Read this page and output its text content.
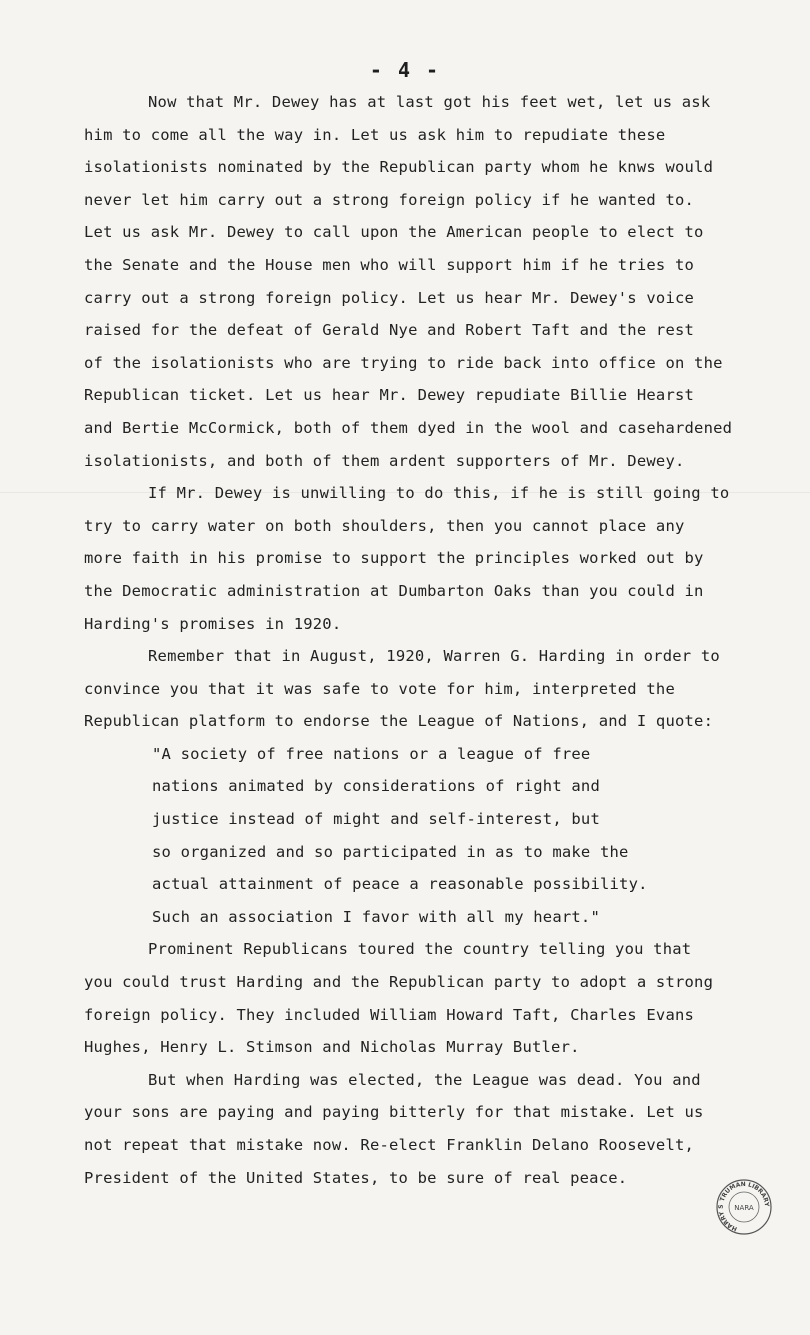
- 4 -

Now that Mr. Dewey has at last got his feet wet, let us ask
him to come all the way in. Let us ask him to repudiate these
isolationists nominated by the Republican party whom he knws would
never let him carry out a strong foreign policy if he wanted to.
Let us ask Mr. Dewey to call upon the American people to elect to
the Senate and the House men who will support him if he tries to
carry out a strong foreign policy. Let us hear Mr. Dewey's voice
raised for the defeat of Gerald Nye and Robert Taft and the rest
of the isolationists who are trying to ride back into office on the
Republican ticket. Let us hear Mr. Dewey repudiate Billie Hearst
and Bertie McCormick, both of them dyed in the wool and casehardened
isolationists, and both of them ardent supporters of Mr. Dewey.

If Mr. Dewey is unwilling to do this, if he is still going to
try to carry water on both shoulders, then you cannot place any
more faith in his promise to support the principles worked out by
the Democratic administration at Dumbarton Oaks than you could in
Harding's promises in 1920.

Remember that in August, 1920, Warren G. Harding in order to
convince you that it was safe to vote for him, interpreted the
Republican platform to endorse the League of Nations, and I quote:

"A society of free nations or a league of free
nations animated by considerations of right and
justice instead of might and self-interest, but
so organized and so participated in as to make the
actual attainment of peace a reasonable possibility.
Such an association I favor with all my heart."

Prominent Republicans toured the country telling you that
you could trust Harding and the Republican party to adopt a strong
foreign policy. They included William Howard Taft, Charles Evans
Hughes, Henry L. Stimson and Nicholas Murray Butler.

But when Harding was elected, the League was dead. You and
your sons are paying and paying bitterly for that mistake. Let us
not repeat that mistake now. Re-elect Franklin Delano Roosevelt,
President of the United States, to be sure of real peace.

TRUMAN LIBRARY
HARRY S	NARA
